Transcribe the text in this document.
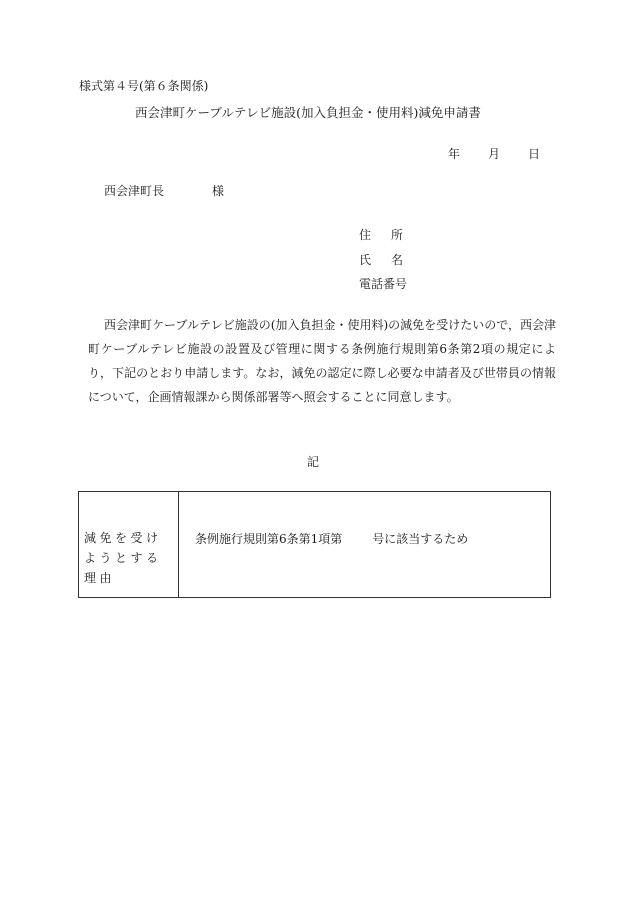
様式第４号(第６条関係)
西会津町ケーブルテレビ施設(加入負担金・使用料)減免申請書
年 月 日
西会津町長	様
住所
氏名
電話番号
西会津町ケーブルテレビ施設の(加入負担金・使用料)の減免を受けたいので，西会津町ケーブルテレビ施設の設置及び管理に関する条例施行規則第6条第2項の規定により，下記のとおり申請します。なお，減免の認定に際し必要な申請者及び世帯員の情報について，企画情報課から関係部署等へ照会することに同意します。
記
減免を受けようとする理由
条例施行規則第6条第1項第	号に該当するため
